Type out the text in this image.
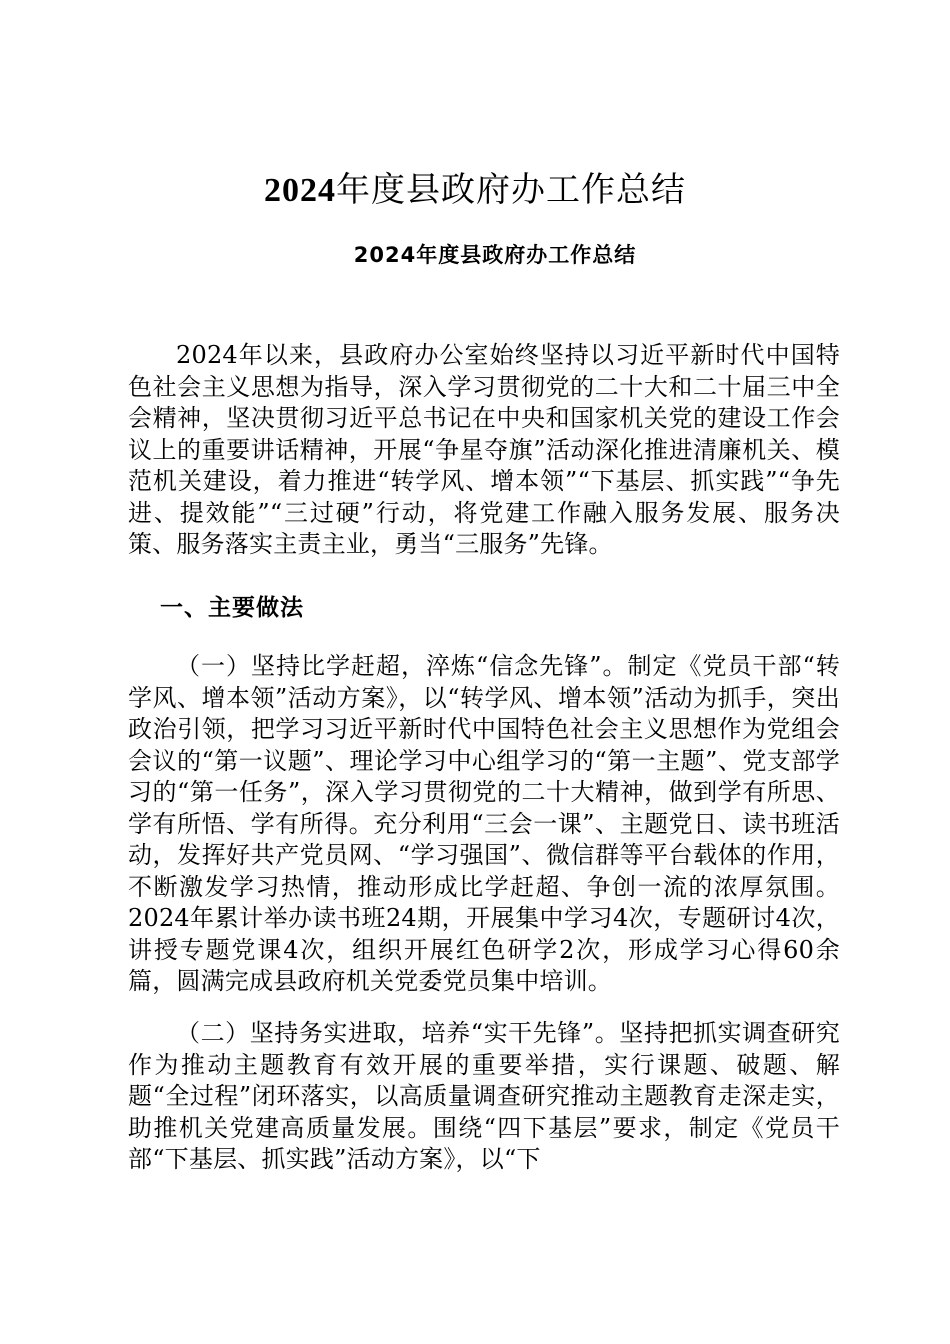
2024年度县政府办工作总结
2024年度县政府办工作总结

2024年以来，县政府办公室始终坚持以习近平新时代中国特色社会主义思想为指导，深入学习贯彻党的二十大和二十届三中全会精神，坚决贯彻习近平总书记在中央和国家机关党的建设工作会议上的重要讲话精神，开展“争星夺旗”活动深化推进清廉机关、模范机关建设，着力推进“转学风、增本领”“下基层、抓实践”“争先进、提效能”“三过硬”行动，将党建工作融入服务发展、服务决策、服务落实主责主业，勇当“三服务”先锋。

一、主要做法

（一）坚持比学赶超，淬炼“信念先锋”。制定《党员干部“转学风、增本领”活动方案》，以“转学风、增本领”活动为抓手，突出政治引领，把学习习近平新时代中国特色社会主义思想作为党组会会议的“第一议题”、理论学习中心组学习的“第一主题”、党支部学习的“第一任务”，深入学习贯彻党的二十大精神，做到学有所思、学有所悟、学有所得。充分利用“三会一课”、主题党日、读书班活动，发挥好共产党员网、“学习强国”、微信群等平台载体的作用，不断激发学习热情，推动形成比学赶超、争创一流的浓厚氛围。2024年累计举办读书班24期，开展集中学习4次，专题研讨4次，讲授专题党课4次，组织开展红色研学2次，形成学习心得60余篇，圆满完成县政府机关党委党员集中培训。

（二）坚持务实进取，培养“实干先锋”。坚持把抓实调查研究作为推动主题教育有效开展的重要举措，实行课题、破题、解题“全过程”闭环落实，以高质量调查研究推动主题教育走深走实，助推机关党建高质量发展。围绕“四下基层”要求，制定《党员干部“下基层、抓实践”活动方案》，以“下
